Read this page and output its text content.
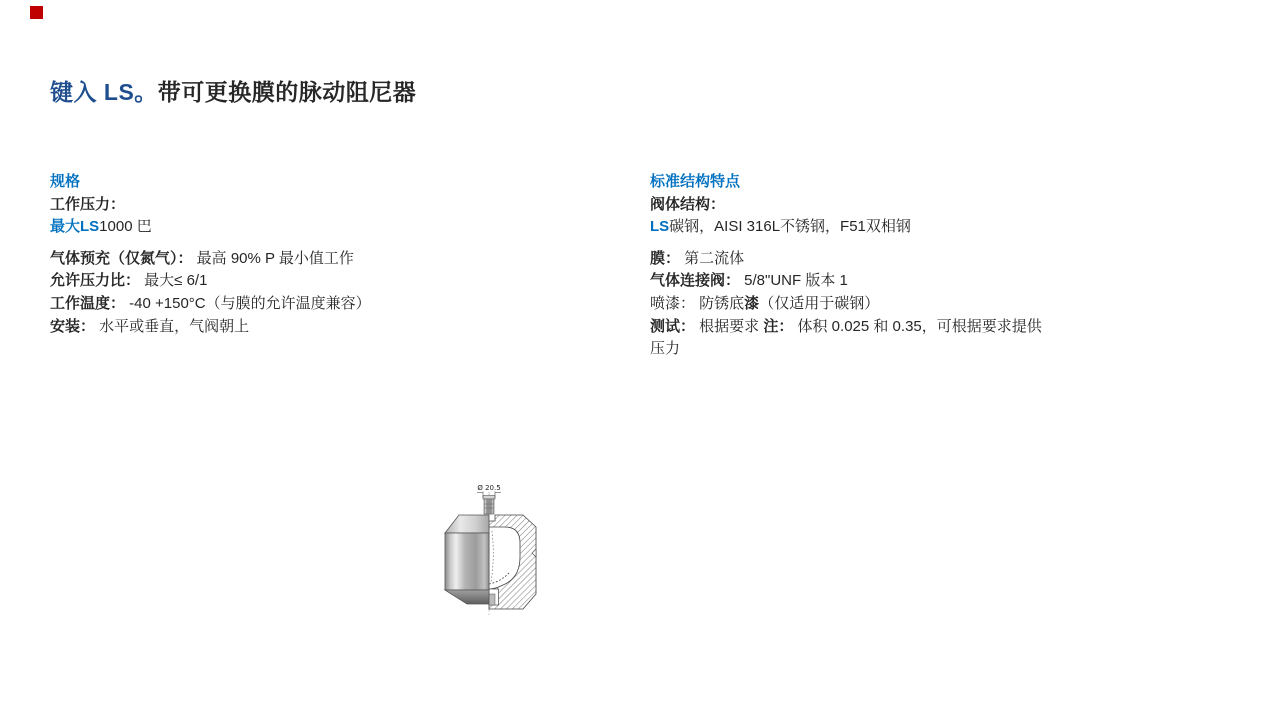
键入 LS。带可更换膜的脉动阻尼器
规格
工作压力：
最大LS1000 巴
气体预充（仅氮气）： 最高 90% P 最小值工作
允许压力比： 最大≤ 6/1
工作温度： -40 +150°C（与膜的允许温度兼容）
安装： 水平或垂直，气阀朝上
标准结构特点
阀体结构：
LS碳钢，AISI 316L不锈钢，F51双相钢
膜： 第二流体
气体连接阀： 5/8"UNF 版本 1
喷漆： 防锈底漆（仅适用于碳钢）
测试： 根据要求 注： 体积 0.025 和 0.35，可根据要求提供
压力
Ø 20.5
